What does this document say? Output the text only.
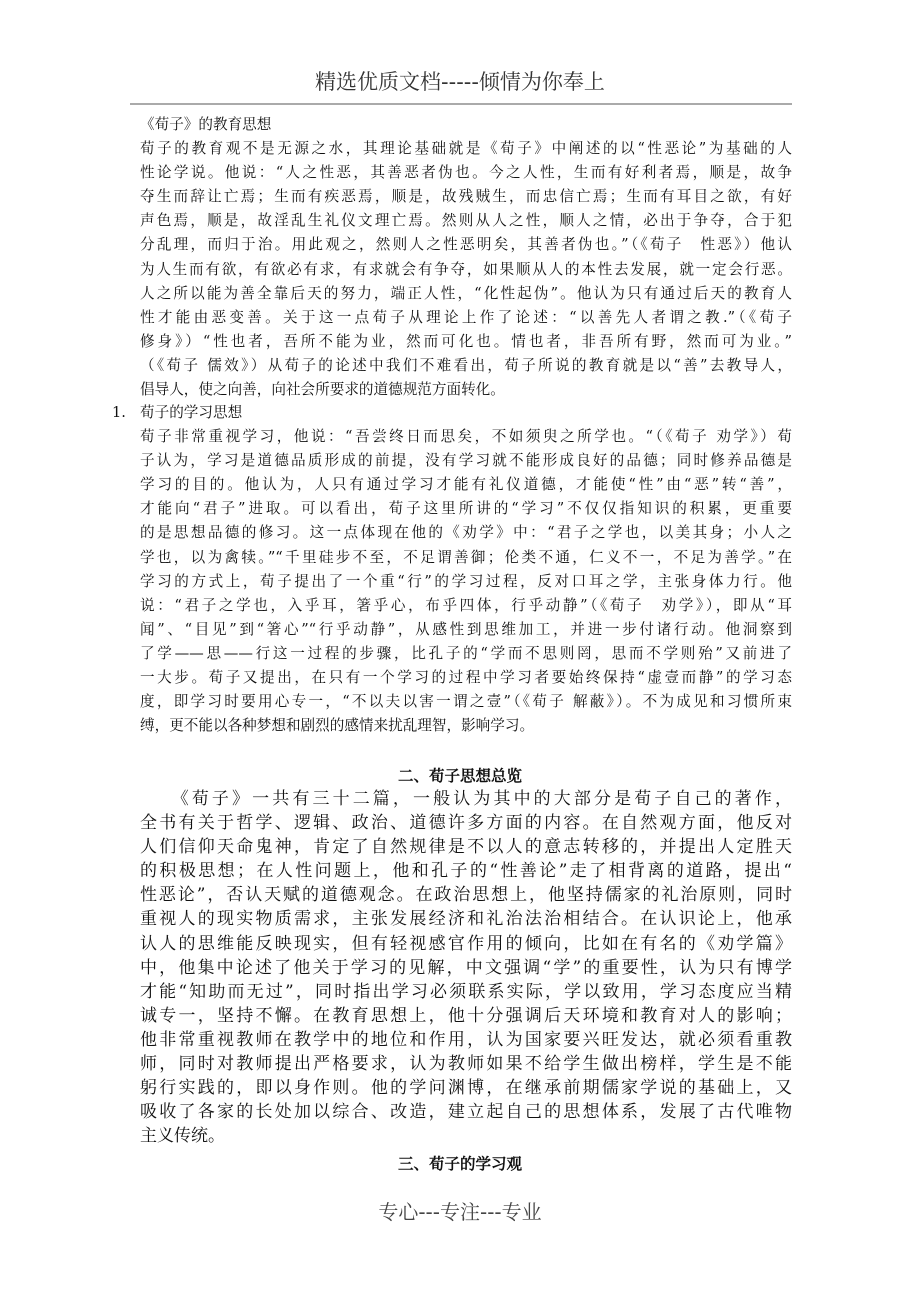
精选优质文档-----倾情为你奉上
《荀子》的教育思想
荀子的教育观不是无源之水，其理论基础就是《荀子》中阐述的以“性恶论”为基础的人
性论学说。他说：“人之性恶，其善恶者伪也。今之人性，生而有好利者焉，顺是，故争
夺生而辞让亡焉；生而有疾恶焉，顺是，故残贼生，而忠信亡焉；生而有耳目之欲，有好
声色焉，顺是，故淫乱生礼仪文理亡焉。然则从人之性，顺人之情，必出于争夺，合于犯
分乱理，而归于治。用此观之，然则人之性恶明矣，其善者伪也。”（《荀子　性恶》）他认
为人生而有欲，有欲必有求，有求就会有争夺，如果顺从人的本性去发展，就一定会行恶。
人之所以能为善全靠后天的努力，端正人性，“化性起伪”。他认为只有通过后天的教育人
性才能由恶变善。关于这一点荀子从理论上作了论述：“以善先人者谓之教.”（《荀子
修身》）“性也者，吾所不能为业，然而可化也。情也者，非吾所有野，然而可为业。”
（《荀子 儒效》）从荀子的论述中我们不难看出，荀子所说的教育就是以“善”去教导人，
倡导人，使之向善，向社会所要求的道德规范方面转化。
1. 荀子的学习思想
荀子非常重视学习，他说：“吾尝终日而思矣，不如须臾之所学也。“（《荀子 劝学》）荀
子认为，学习是道德品质形成的前提，没有学习就不能形成良好的品德；同时修养品德是
学习的目的。他认为，人只有通过学习才能有礼仪道德，才能使“性”由“恶”转“善”，
才能向“君子”进取。可以看出，荀子这里所讲的“学习”不仅仅指知识的积累，更重要
的是思想品德的修习。这一点体现在他的《劝学》中：“君子之学也，以美其身；小人之
学也，以为禽犊。”“千里硅步不至，不足谓善御；伦类不通，仁义不一，不足为善学。”在
学习的方式上，荀子提出了一个重“行”的学习过程，反对口耳之学，主张身体力行。他
说：“君子之学也，入乎耳，箸乎心，布乎四体，行乎动静”（《荀子　劝学》），即从“耳
闻”、“目见”到“箸心”“行乎动静”，从感性到思维加工，并进一步付诸行动。他洞察到
了学——思——行这一过程的步骤，比孔子的“学而不思则罔，思而不学则殆”又前进了
一大步。荀子又提出，在只有一个学习的过程中学习者要始终保持“虚壹而静”的学习态
度，即学习时要用心专一，“不以夫以害一谓之壹”（《荀子 解蔽》）。不为成见和习惯所束
缚，更不能以各种梦想和剧烈的感情来扰乱理智，影响学习。
二、荀子思想总览
　　《荀子》一共有三十二篇，一般认为其中的大部分是荀子自己的著作，
全书有关于哲学、逻辑、政治、道德许多方面的内容。在自然观方面，他反对
人们信仰天命鬼神，肯定了自然规律是不以人的意志转移的，并提出人定胜天
的积极思想；在人性问题上，他和孔子的“性善论”走了相背离的道路，提出“
性恶论”，否认天赋的道德观念。在政治思想上，他坚持儒家的礼治原则，同时
重视人的现实物质需求，主张发展经济和礼治法治相结合。在认识论上，他承
认人的思维能反映现实，但有轻视感官作用的倾向，比如在有名的《劝学篇》
中，他集中论述了他关于学习的见解，中文强调“学”的重要性，认为只有博学
才能“知助而无过”，同时指出学习必须联系实际，学以致用，学习态度应当精
诚专一，坚持不懈。在教育思想上，他十分强调后天环境和教育对人的影响；
他非常重视教师在教学中的地位和作用，认为国家要兴旺发达，就必须看重教
师，同时对教师提出严格要求，认为教师如果不给学生做出榜样，学生是不能
躬行实践的，即以身作则。他的学问渊博，在继承前期儒家学说的基础上，又
吸收了各家的长处加以综合、改造，建立起自己的思想体系，发展了古代唯物
主义传统。
三、荀子的学习观
专心---专注---专业
